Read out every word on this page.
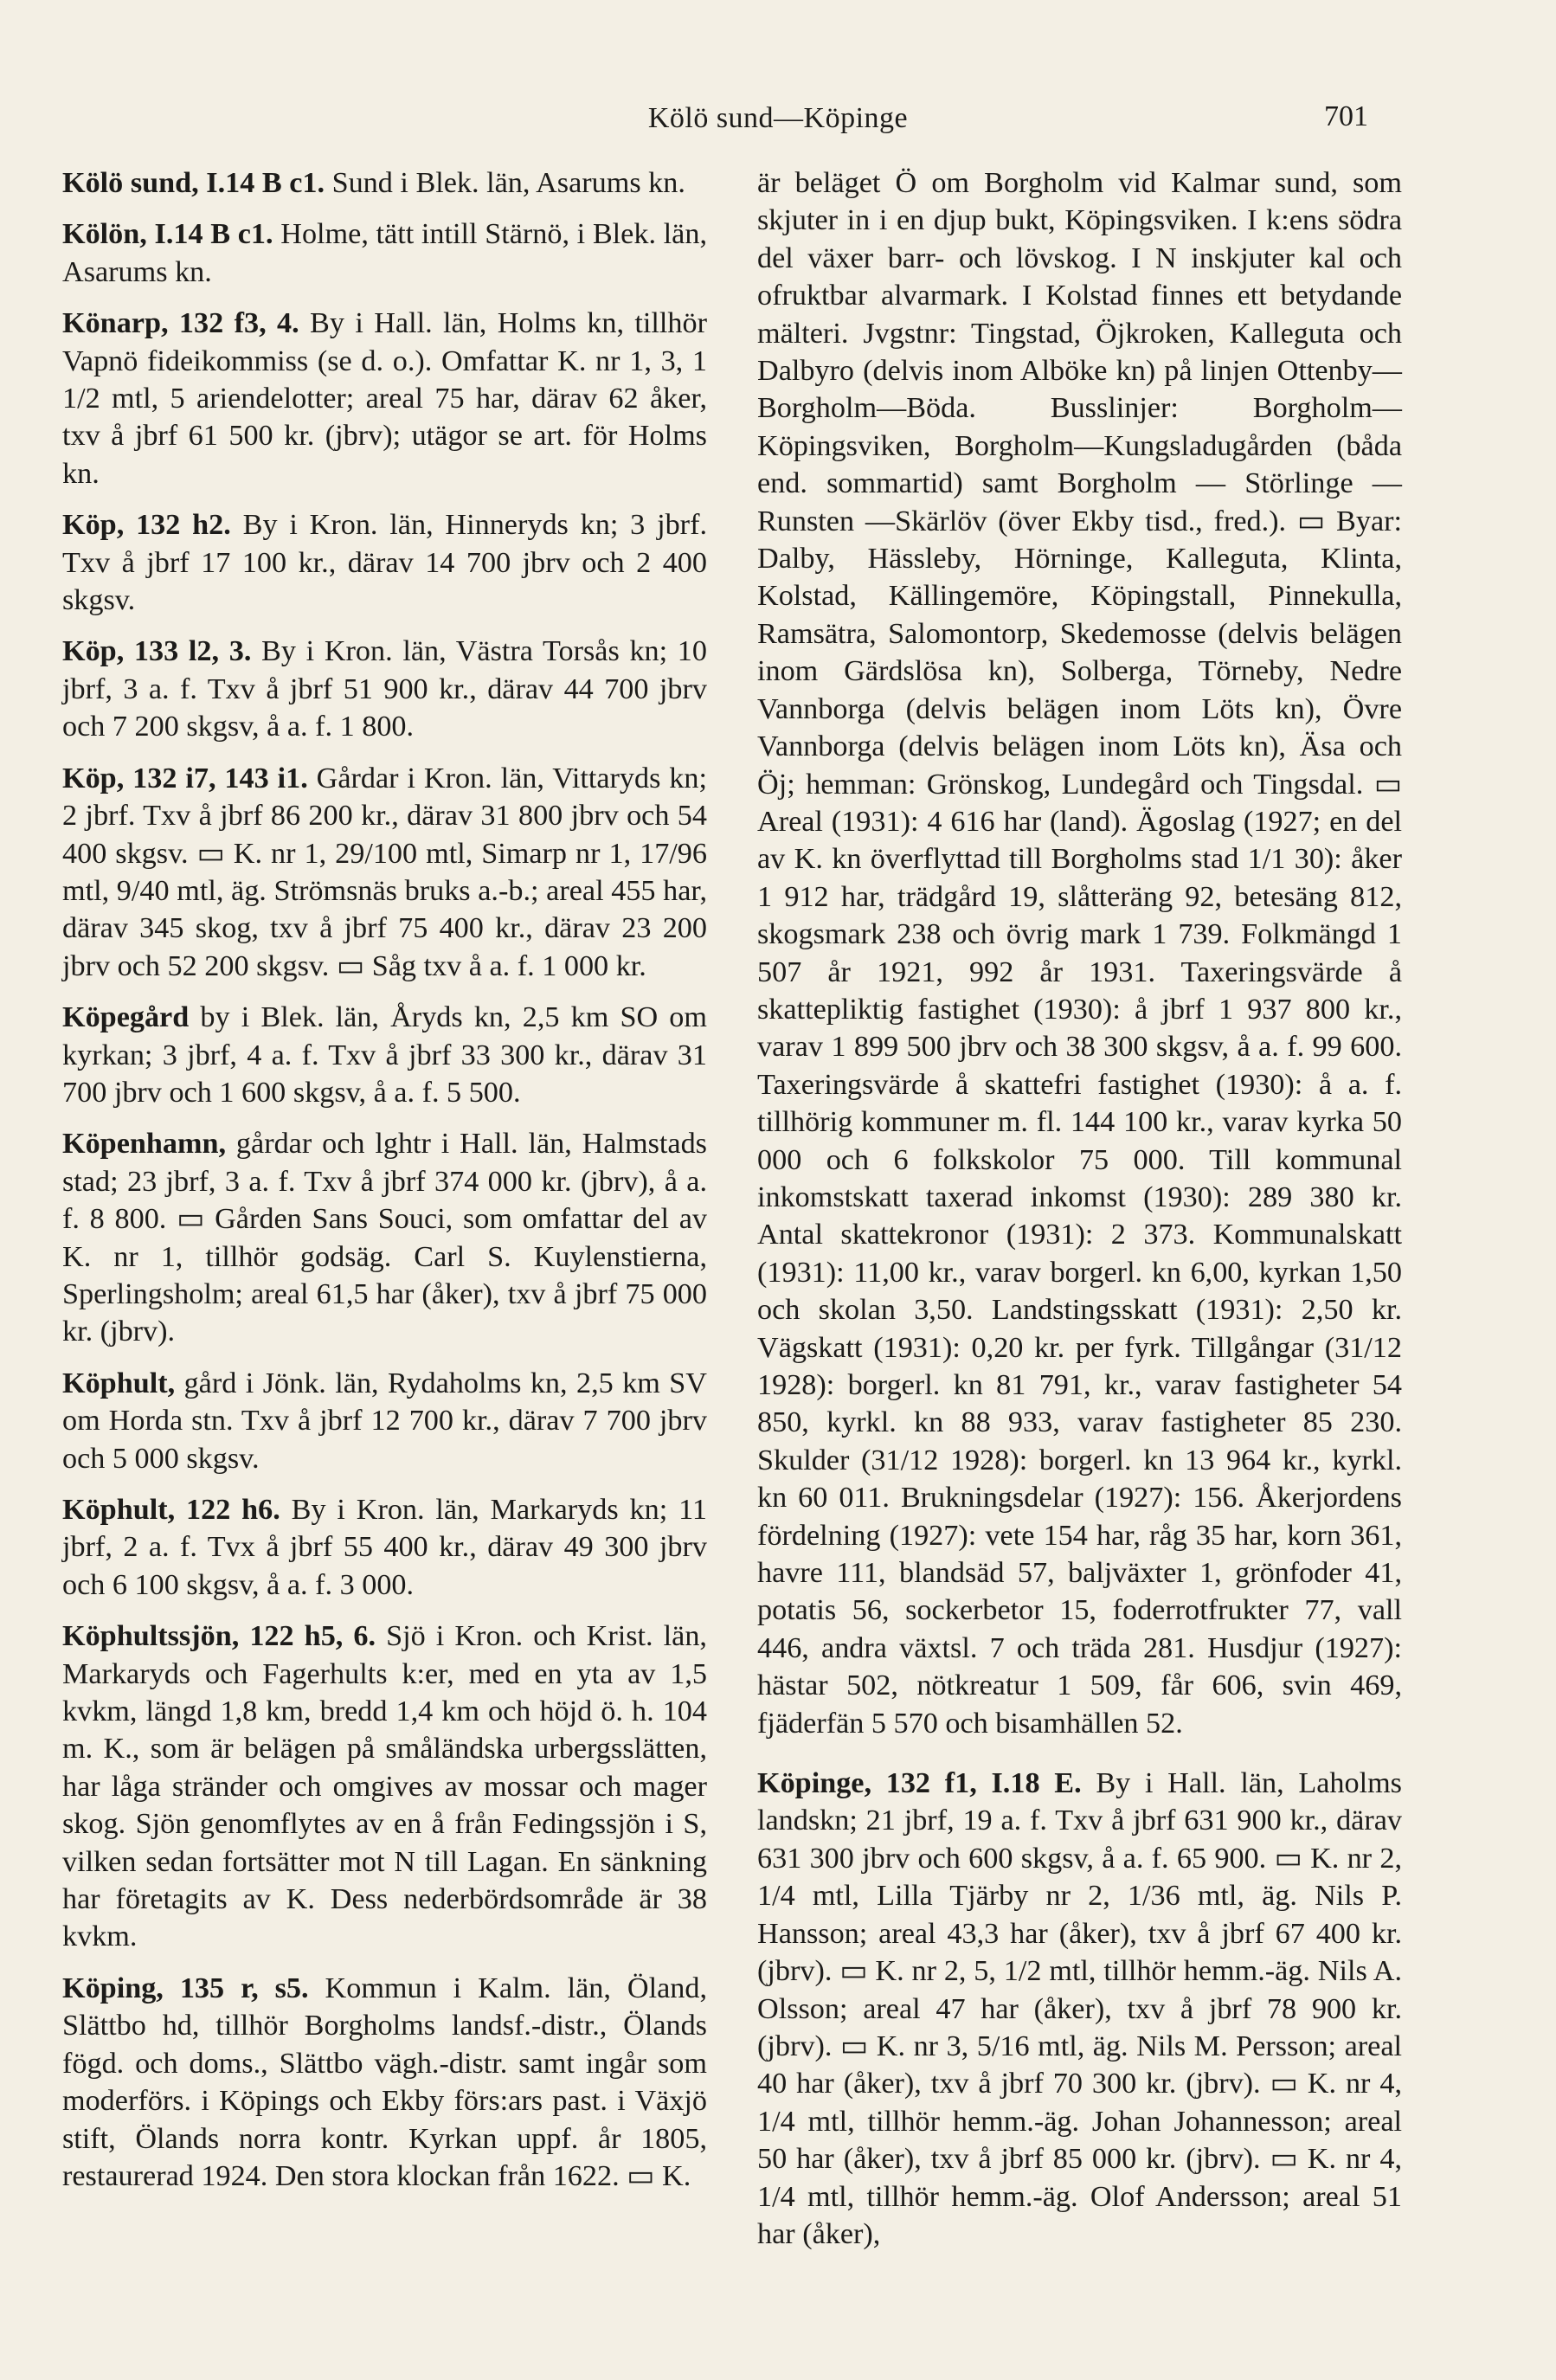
Kölö sund—Köpinge	701

Kölö sund, I.14 B c1. Sund i Blek. län, Asarums kn.

Kölön, I.14 B c1. Holme, tätt intill Stärnö, i Blek. län, Asarums kn.

Könarp, 132 f3, 4. By i Hall. län, Holms kn, tillhör Vapnö fideikommiss (se d. o.). Omfattar K. nr 1, 3, 1 1/2 mtl, 5 ariendelotter; areal 75 har, därav 62 åker, txv å jbrf 61 500 kr. (jbrv); utägor se art. för Holms kn.

Köp, 132 h2. By i Kron. län, Hinneryds kn; 3 jbrf. Txv å jbrf 17 100 kr., därav 14 700 jbrv och 2 400 skgsv.

Köp, 133 l2, 3. By i Kron. län, Västra Torsås kn; 10 jbrf, 3 a. f. Txv å jbrf 51 900 kr., därav 44 700 jbrv och 7 200 skgsv, å a. f. 1 800.

Köp, 132 i7, 143 i1. Gårdar i Kron. län, Vittaryds kn; 2 jbrf. Txv å jbrf 86 200 kr., därav 31 800 jbrv och 54 400 skgsv. ▭ K. nr 1, 29/100 mtl, Simarp nr 1, 17/96 mtl, 9/40 mtl, äg. Strömsnäs bruks a.-b.; areal 455 har, därav 345 skog, txv å jbrf 75 400 kr., därav 23 200 jbrv och 52 200 skgsv. ▭ Såg txv å a. f. 1 000 kr.

Köpegård by i Blek. län, Åryds kn, 2,5 km SO om kyrkan; 3 jbrf, 4 a. f. Txv å jbrf 33 300 kr., därav 31 700 jbrv och 1 600 skgsv, å a. f. 5 500.

Köpenhamn, gårdar och lghtr i Hall. län, Halmstads stad; 23 jbrf, 3 a. f. Txv å jbrf 374 000 kr. (jbrv), å a. f. 8 800. ▭ Gården Sans Souci, som omfattar del av K. nr 1, tillhör godsäg. Carl S. Kuylenstierna, Sperlingsholm; areal 61,5 har (åker), txv å jbrf 75 000 kr. (jbrv).

Köphult, gård i Jönk. län, Rydaholms kn, 2,5 km SV om Horda stn. Txv å jbrf 12 700 kr., därav 7 700 jbrv och 5 000 skgsv.

Köphult, 122 h6. By i Kron. län, Markaryds kn; 11 jbrf, 2 a. f. Tvx å jbrf 55 400 kr., därav 49 300 jbrv och 6 100 skgsv, å a. f. 3 000.

Köphultssjön, 122 h5, 6. Sjö i Kron. och Krist. län, Markaryds och Fagerhults k:er, med en yta av 1,5 kvkm, längd 1,8 km, bredd 1,4 km och höjd ö. h. 104 m. K., som är belägen på småländska urbergsslätten, har låga stränder och omgives av mossar och mager skog. Sjön genomflytes av en å från Fedingssjön i S, vilken sedan fortsätter mot N till Lagan. En sänkning har företagits av K. Dess nederbördsområde är 38 kvkm.

Köping, 135 r, s5. Kommun i Kalm. län, Öland, Slättbo hd, tillhör Borgholms landsf.-distr., Ölands fögd. och doms., Slättbo vägh.-distr. samt ingår som moderförs. i Köpings och Ekby förs:ars past. i Växjö stift, Ölands norra kontr. Kyrkan uppf. år 1805, restaurerad 1924. Den stora klockan från 1622. ▭ K.

är beläget Ö om Borgholm vid Kalmar sund, som skjuter in i en djup bukt, Köpingsviken. I k:ens södra del växer barr- och lövskog. I N inskjuter kal och ofruktbar alvarmark. I Kolstad finnes ett betydande mälteri. Jvgstnr: Tingstad, Öjkroken, Kalleguta och Dalbyro (delvis inom Alböke kn) på linjen Ottenby—Borgholm—Böda. Busslinjer: Borgholm—Köpingsviken, Borgholm—Kungsladugården (båda end. sommartid) samt Borgholm — Störlinge — Runsten —Skärlöv (över Ekby tisd., fred.). ▭ Byar: Dalby, Hässleby, Hörninge, Kalleguta, Klinta, Kolstad, Källingemöre, Köpingstall, Pinnekulla, Ramsätra, Salomontorp, Skedemosse (delvis belägen inom Gärdslösa kn), Solberga, Törneby, Nedre Vannborga (delvis belägen inom Löts kn), Övre Vannborga (delvis belägen inom Löts kn), Äsa och Öj; hemman: Grönskog, Lundegård och Tingsdal. ▭ Areal (1931): 4 616 har (land). Ägoslag (1927; en del av K. kn överflyttad till Borgholms stad 1/1 30): åker 1 912 har, trädgård 19, slåtteräng 92, betesäng 812, skogsmark 238 och övrig mark 1 739. Folkmängd 1 507 år 1921, 992 år 1931. Taxeringsvärde å skattepliktig fastighet (1930): å jbrf 1 937 800 kr., varav 1 899 500 jbrv och 38 300 skgsv, å a. f. 99 600. Taxeringsvärde å skattefri fastighet (1930): å a. f. tillhörig kommuner m. fl. 144 100 kr., varav kyrka 50 000 och 6 folkskolor 75 000. Till kommunal inkomstskatt taxerad inkomst (1930): 289 380 kr. Antal skattekronor (1931): 2 373. Kommunalskatt (1931): 11,00 kr., varav borgerl. kn 6,00, kyrkan 1,50 och skolan 3,50. Landstingsskatt (1931): 2,50 kr. Vägskatt (1931): 0,20 kr. per fyrk. Tillgångar (31/12 1928): borgerl. kn 81 791, kr., varav fastigheter 54 850, kyrkl. kn 88 933, varav fastigheter 85 230. Skulder (31/12 1928): borgerl. kn 13 964 kr., kyrkl. kn 60 011. Brukningsdelar (1927): 156. Åkerjordens fördelning (1927): vete 154 har, råg 35 har, korn 361, havre 111, blandsäd 57, baljväxter 1, grönfoder 41, potatis 56, sockerbetor 15, foderrotfrukter 77, vall 446, andra växtsl. 7 och träda 281. Husdjur (1927): hästar 502, nötkreatur 1 509, får 606, svin 469, fjäderfän 5 570 och bisamhällen 52.

Köpinge, 132 f1, I.18 E. By i Hall. län, Laholms landskn; 21 jbrf, 19 a. f. Txv å jbrf 631 900 kr., därav 631 300 jbrv och 600 skgsv, å a. f. 65 900. ▭ K. nr 2, 1/4 mtl, Lilla Tjärby nr 2, 1/36 mtl, äg. Nils P. Hansson; areal 43,3 har (åker), txv å jbrf 67 400 kr. (jbrv). ▭ K. nr 2, 5, 1/2 mtl, tillhör hemm.-äg. Nils A. Olsson; areal 47 har (åker), txv å jbrf 78 900 kr. (jbrv). ▭ K. nr 3, 5/16 mtl, äg. Nils M. Persson; areal 40 har (åker), txv å jbrf 70 300 kr. (jbrv). ▭ K. nr 4, 1/4 mtl, tillhör hemm.-äg. Johan Johannesson; areal 50 har (åker), txv å jbrf 85 000 kr. (jbrv). ▭ K. nr 4, 1/4 mtl, tillhör hemm.-äg. Olof Andersson; areal 51 har (åker),
